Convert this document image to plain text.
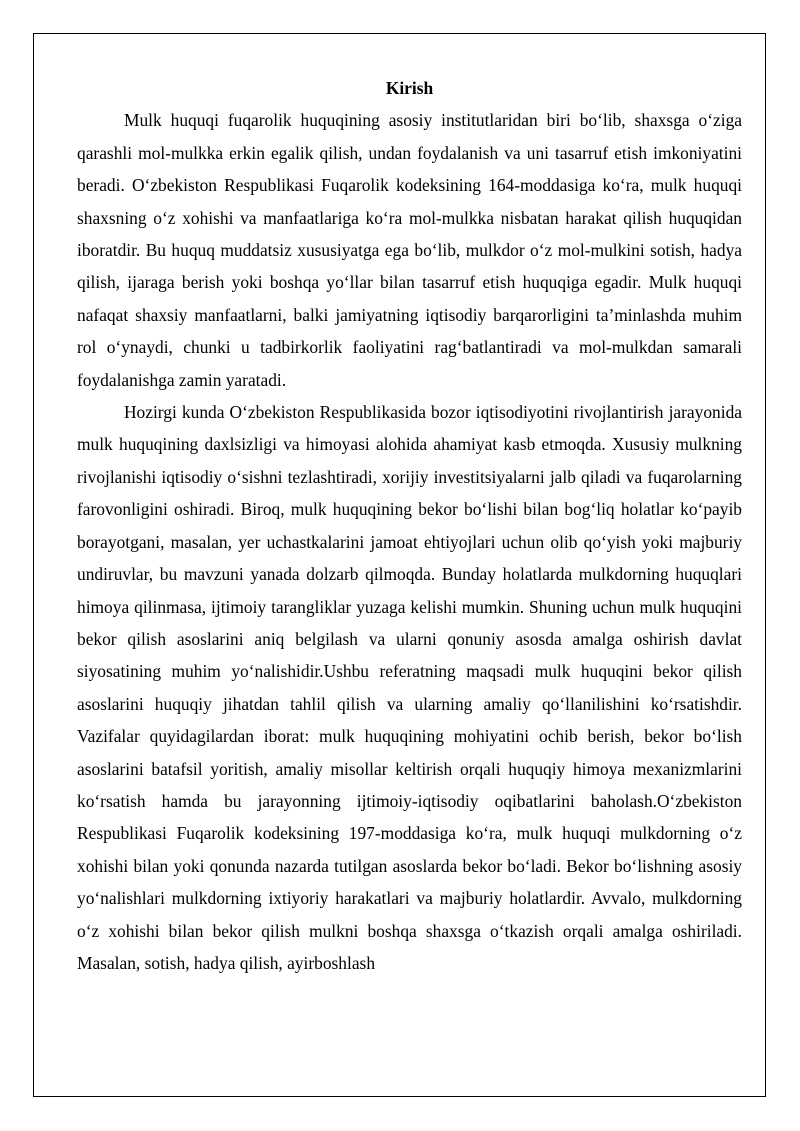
Kirish

Mulk huquqi fuqarolik huquqining asosiy institutlaridan biri bo‘lib, shaxsga o‘ziga qarashli mol-mulkka erkin egalik qilish, undan foydalanish va uni tasarruf etish imkoniyatini beradi. O‘zbekiston Respublikasi Fuqarolik kodeksining 164-moddasiga ko‘ra, mulk huquqi shaxsning o‘z xohishi va manfaatlariga ko‘ra mol-mulkka nisbatan harakat qilish huquqidan iboratdir. Bu huquq muddatsiz xususiyatga ega bo‘lib, mulkdor o‘z mol-mulkini sotish, hadya qilish, ijaraga berish yoki boshqa yo‘llar bilan tasarruf etish huquqiga egadir. Mulk huquqi nafaqat shaxsiy manfaatlarni, balki jamiyatning iqtisodiy barqarorligini ta’minlashda muhim rol o‘ynaydi, chunki u tadbirkorlik faoliyatini rag‘batlantiradi va mol-mulkdan samarali foydalanishga zamin yaratadi.

Hozirgi kunda O‘zbekiston Respublikasida bozor iqtisodiyotini rivojlantirish jarayonida mulk huquqining daxlsizligi va himoyasi alohida ahamiyat kasb etmoqda. Xususiy mulkning rivojlanishi iqtisodiy o‘sishni tezlashtiradi, xorijiy investitsiyalarni jalb qiladi va fuqarolarning farovonligini oshiradi. Biroq, mulk huquqining bekor bo‘lishi bilan bog‘liq holatlar ko‘payib borayotgani, masalan, yer uchastkalarini jamoat ehtiyojlari uchun olib qo‘yish yoki majburiy undiruvlar, bu mavzuni yanada dolzarb qilmoqda. Bunday holatlarda mulkdorning huquqlari himoya qilinmasa, ijtimoiy tarangliklar yuzaga kelishi mumkin. Shuning uchun mulk huquqini bekor qilish asoslarini aniq belgilash va ularni qonuniy asosda amalga oshirish davlat siyosatining muhim yo‘nalishidir.Ushbu referatning maqsadi mulk huquqini bekor qilish asoslarini huquqiy jihatdan tahlil qilish va ularning amaliy qo‘llanilishini ko‘rsatishdir. Vazifalar quyidagilardan iborat: mulk huquqining mohiyatini ochib berish, bekor bo‘lish asoslarini batafsil yoritish, amaliy misollar keltirish orqali huquqiy himoya mexanizmlarini ko‘rsatish hamda bu jarayonning ijtimoiy-iqtisodiy oqibatlarini baholash.O‘zbekiston Respublikasi Fuqarolik kodeksining 197-moddasiga ko‘ra, mulk huquqi mulkdorning o‘z xohishi bilan yoki qonunda nazarda tutilgan asoslarda bekor bo‘ladi. Bekor bo‘lishning asosiy yo‘nalishlari mulkdorning ixtiyoriy harakatlari va majburiy holatlardir. Avvalo, mulkdorning o‘z xohishi bilan bekor qilish mulkni boshqa shaxsga o‘tkazish orqali amalga oshiriladi. Masalan, sotish, hadya qilish, ayirboshlash
